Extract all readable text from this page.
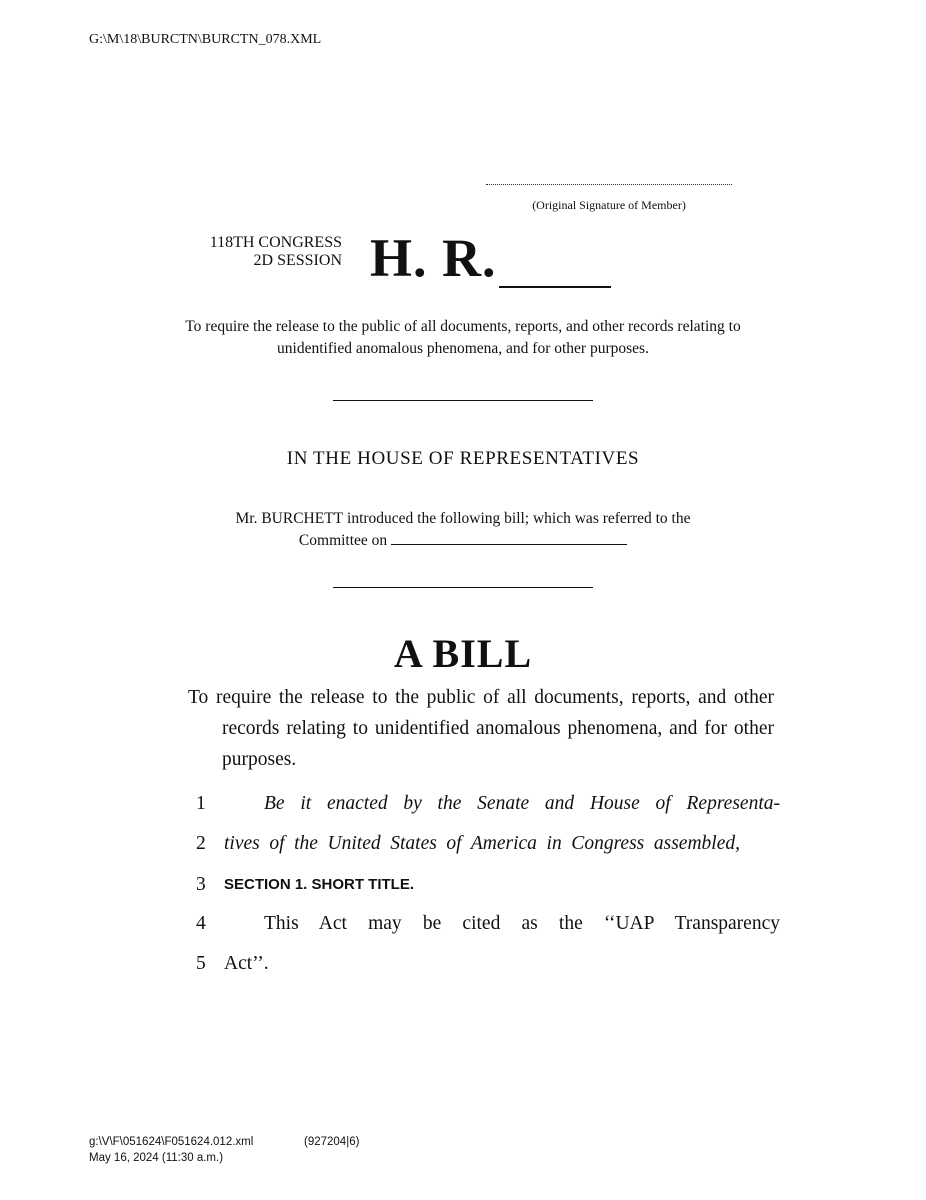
G:\M\18\BURCTN\BURCTN_078.XML
(Original Signature of Member)
118TH CONGRESS
2D SESSION H. R.
To require the release to the public of all documents, reports, and other records relating to unidentified anomalous phenomena, and for other purposes.
IN THE HOUSE OF REPRESENTATIVES
Mr. BURCHETT introduced the following bill; which was referred to the
Committee on
A BILL
To require the release to the public of all documents, reports, and other records relating to unidentified anomalous phenomena, and for other purposes.
1	Be it enacted by the Senate and House of Representa-
2 tives of the United States of America in Congress assembled,
3 SECTION 1. SHORT TITLE.
4	This Act may be cited as the ‘‘UAP Transparency
5 Act’’.
g:\V\F\051624\F051624.012.xml	(927204|6)
May 16, 2024 (11:30 a.m.)
